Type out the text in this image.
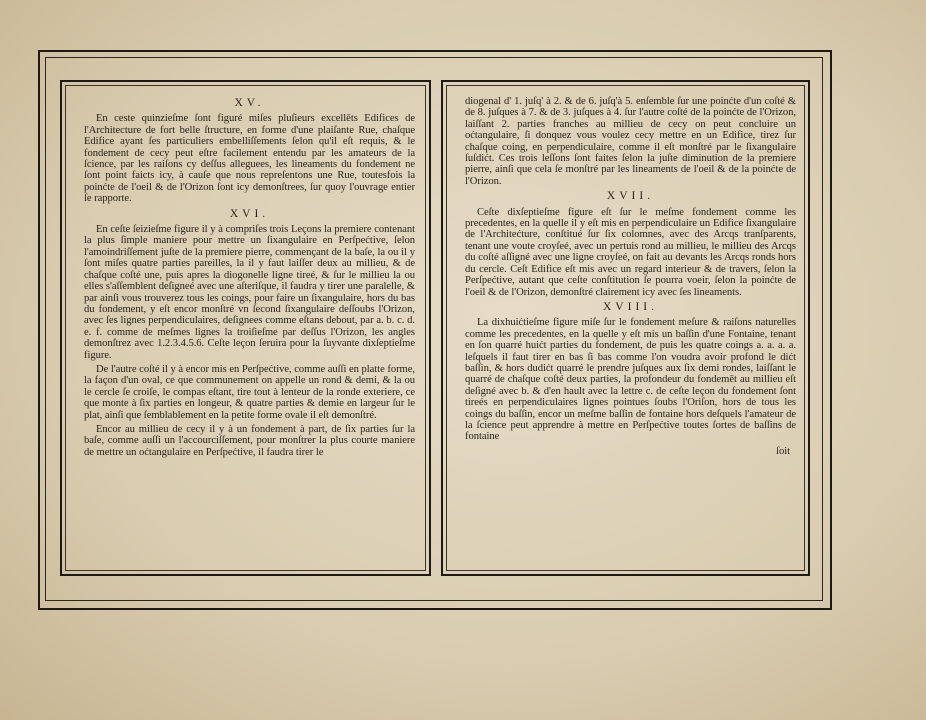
XV.

En ceste quinzieſme ſont figuré miſes pluſieurs excellēts Edifices de l'Architecture de fort belle ſtructure, en forme d'une plaiſante Rue, chaſque Edifice ayant ſes particuliers embelliſſements ſelon qu'il eſt requis, & le fondement de cecy peut eſtre facilement entendu par les amateurs de la ſcience, par les raiſons cy deſſus alleguees, les lineaments du fondement ne ſont point faicts icy, à cauſe que nous repreſentons une Rue, toutesfois la poinćte de l'oeil & de l'Orizon ſont icy demonſtrees, ſur quoy l'ouvrage entier ſe rapporte.

XVI.

En ceſte ſeizieſme figure il y à compriſes trois Leçons la premiere contenant la plus ſimple maniere pour mettre un ſixangulaire en Perſpećtive, ſelon l'amoindriſſement juſte de la premiere pierre, commençant de la baſe, la ou il y ſont miſes quatre parties pareilles, la il y faut laiſſer deux au millieu, & de chaſque coſté une, puis apres la diogonelle ligne tireé, & ſur le millieu la ou elles s'aſſemblent deſigneé avec une aſteriſque, il faudra y tirer une paralelle, & par ainſi vous trouverez tous les coings, pour faire un ſixangulaire, hors du bas du fondement, y eſt encor monſtré vn ſecond ſixangulaire deſſoubs l'Orizon, avec ſes lignes perpendiculaires, deſignees comme eſtans debout, par a. b. c. d. e. f. comme de meſmes lignes la troiſieſme par deſſus l'Orizon, les angles demonſtrez avec 1.2.3.4.5.6. Ceſte leçon ſeruira pour la ſuyvante dixſeptieſme figure.

De l'autre coſté il y à encor mis en Perſpećtive, comme auſſi en platte forme, la façon d'un oval, ce que communement on appelle un rond & demi, & la ou le cercle ſe croiſe, le compas eſtant, tire tout à lenteur de la ronde exteriere, ce que monte à ſix parties en longeur, & quatre parties & demie en largeur ſur le plat, ainſi que ſemblablement en la petite forme ovale il eſt demonſtré.

Encor au millieu de cecy il y à un fondement à part, de ſix parties ſur la baſe, comme auſſi un l'accourciſſement, pour monſtrer la plus courte maniere de mettre un oćtangulaire en Perſpećtive, il faudra tirer le

diogenal d' 1. juſq' à 2. & de 6. juſq'à 5. enſemble ſur une poinćte d'un coſté & de 8. juſques à 7. & de 3. juſques à 4. ſur l'autre coſté de la poinćte de l'Orizon, laiſſant 2. parties franches au millieu de cecy on peut concluire un oćtangulaire, ſi donquez vous voulez cecy mettre en un Edifice, tirez ſur chaſque coing, en perpendiculaire, comme il eſt monſtré par le ſixangulaire ſuſdićt. Ces trois leſſons ſont faites ſelon la juſte diminution de la premiere pierre, ainſi que cela ſe monſtré par les lineaments de l'oeil & de la poinćte de l'Orizon.

XVII.

Ceſte dixſeptieſme figure eſt ſur le meſme fondement comme les precedentes, en la quelle il y eſt mis en perpendiculaire un Edifice ſixangulaire de l'Architećture, conſtitué ſur ſix colomnes, avec des Arcqs tranſparents, tenant une voute croyſeé, avec un pertuis rond au millieu, le millieu des Arcqs du coſté aſſigné avec une ligne croyſeé, on fait au devants les Arcqs ronds hors du cercle. Ceſt Edifice eſt mis avec un regard interieur & de travers, ſelon la Perſpećtive, autant que ceſte conſtitution ſe pourra voeir, ſelon la poinćte de l'oeil & de l'Orizon, demonſtré clairement icy avec ſes lineaments.

XVIII.

La dixhuićtieſme figure miſe ſur le fondement meſure & raiſons naturelles comme les precedentes, en la quelle y eſt mis un baſſin d'une Fontaine, tenant en ſon quarré huićt parties du fondement, de puis les quatre coings a. a. a. a. leſquels il faut tirer en bas ſi bas comme l'on voudra avoir profond le dićt baſſin, & hors dudićt quarré le prendre juſques aux ſix demi rondes, laiſſant le quarré de chaſque coſté deux parties, la profondeur du fondemēt au millieu eſt deſigné avec b. & d'en hault avec la lettre c. de ceſte leçon du fondement ſont tireés en perpendiculaires lignes pointues ſoubs l'Oriſon, hors de tous les coings du baſſin, encor un meſme baſſin de fontaine hors deſquels l'amateur de la ſcience peut apprendre à mettre en Perſpećtive toutes ſortes de baſſins de fontaine

ſoit
